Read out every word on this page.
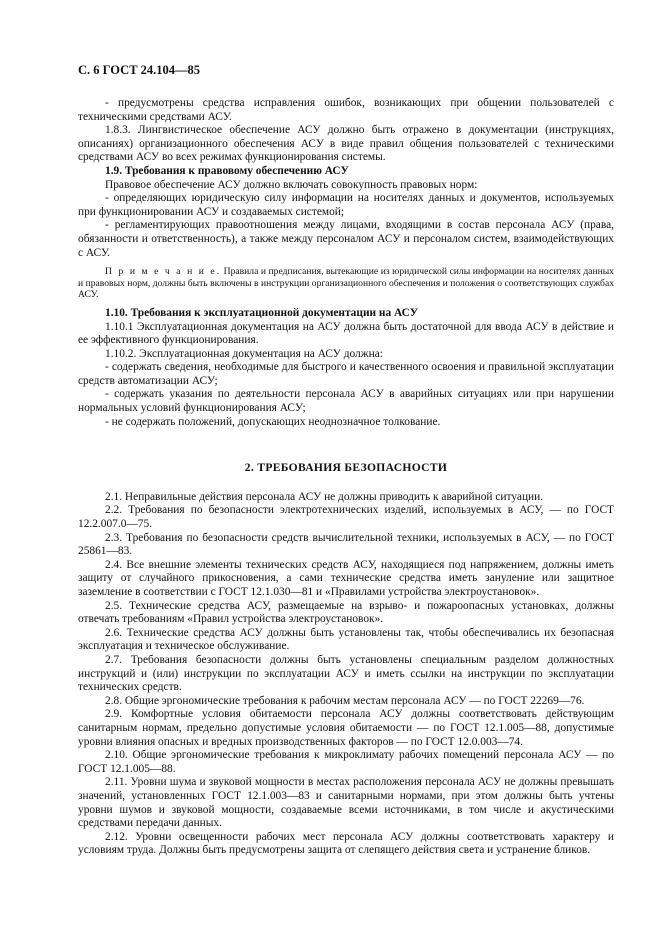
С. 6 ГОСТ 24.104—85

- предусмотрены средства исправления ошибок, возникающих при общении пользователей с техническими средствами АСУ.

1.8.3. Лингвистическое обеспечение АСУ должно быть отражено в документации (инструкциях, описаниях) организационного обеспечения АСУ в виде правил общения пользователей с техническими средствами АСУ во всех режимах функционирования системы.

1.9. Требования к правовому обеспечению АСУ

Правовое обеспечение АСУ должно включать совокупность правовых норм:

- определяющих юридическую силу информации на носителях данных и документов, используемых при функционировании АСУ и создаваемых системой;

- регламентирующих правоотношения между лицами, входящими в состав персонала АСУ (права, обязанности и ответственность), а также между персоналом АСУ и персоналом систем, взаимодействующих с АСУ.

П р и м е ч а н и е. Правила и предписания, вытекающие из юридической силы информации на носителях данных и правовых норм, должны быть включены в инструкции организационного обеспечения и положения о соответствующих службах АСУ.

1.10. Требования к эксплуатационной документации на АСУ

1.10.1 Эксплуатационная документация на АСУ должна быть достаточной для ввода АСУ в действие и ее эффективного функционирования.

1.10.2. Эксплуатационная документация на АСУ должна:

- содержать сведения, необходимые для быстрого и качественного освоения и правильной эксплуатации средств автоматизации АСУ;

- содержать указания по деятельности персонала АСУ в аварийных ситуациях или при нарушении нормальных условий функционирования АСУ;

- не содержать положений, допускающих неоднозначное толкование.

2. ТРЕБОВАНИЯ БЕЗОПАСНОСТИ

2.1. Неправильные действия персонала АСУ не должны приводить к аварийной ситуации.

2.2. Требования по безопасности электротехнических изделий, используемых в АСУ, — по ГОСТ 12.2.007.0—75.

2.3. Требования по безопасности средств вычислительной техники, используемых в АСУ, — по ГОСТ 25861—83.

2.4. Все внешние элементы технических средств АСУ, находящиеся под напряжением, должны иметь защиту от случайного прикосновения, а сами технические средства иметь зануление или защитное заземление в соответствии с ГОСТ 12.1.030—81 и «Правилами устройства электроустановок».

2.5. Технические средства АСУ, размещаемые на взрыво- и пожароопасных установках, должны отвечать требованиям «Правил устройства электроустановок».

2.6. Технические средства АСУ должны быть установлены так, чтобы обеспечивались их безопасная эксплуатация и техническое обслуживание.

2.7. Требования безопасности должны быть установлены специальным разделом должностных инструкций и (или) инструкции по эксплуатации АСУ и иметь ссылки на инструкции по эксплуатации технических средств.

2.8. Общие эргономические требования к рабочим местам персонала АСУ — по ГОСТ 22269—76.

2.9. Комфортные условия обитаемости персонала АСУ должны соответствовать действующим санитарным нормам, предельно допустимые условия обитаемости — по ГОСТ 12.1.005—88, допустимые уровни влияния опасных и вредных производственных факторов — по ГОСТ 12.0.003—74.

2.10. Общие эргономические требования к микроклимату рабочих помещений персонала АСУ — по ГОСТ 12.1.005—88.

2.11. Уровни шума и звуковой мощности в местах расположения персонала АСУ не должны превышать значений, установленных ГОСТ 12.1.003—83 и санитарными нормами, при этом должны быть учтены уровни шумов и звуковой мощности, создаваемые всеми источниками, в том числе и акустическими средствами передачи данных.

2.12. Уровни освещенности рабочих мест персонала АСУ должны соответствовать характеру и условиям труда. Должны быть предусмотрены защита от слепящего действия света и устранение бликов.
